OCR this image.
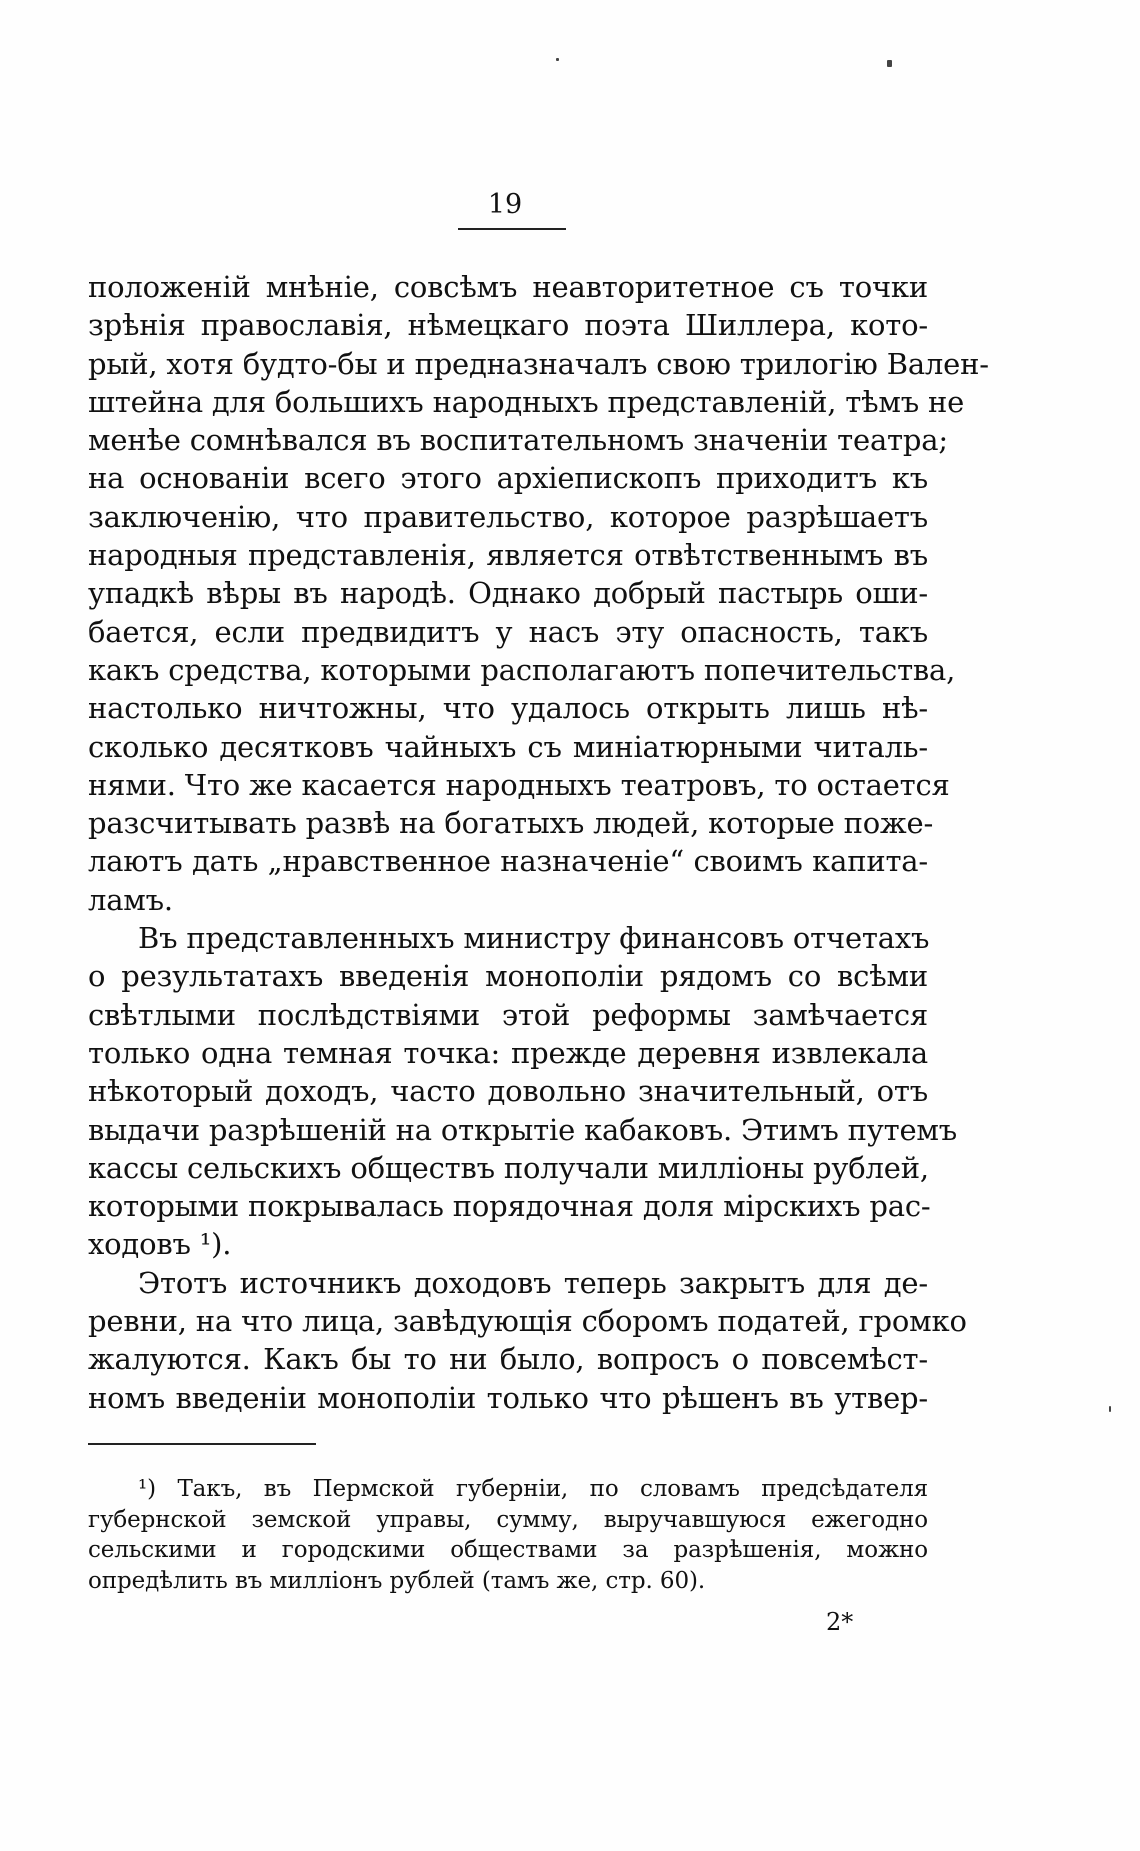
19
положеній мнѣніе, совсѣмъ неавторитетное съ точки
зрѣнія православія, нѣмецкаго поэта Шиллера, кото-
рый, хотя будто-бы и предназначалъ свою трилогію Вален-
штейна для большихъ народныхъ представленій, тѣмъ не
менѣе сомнѣвался въ воспитательномъ значеніи театра;
на основаніи всего этого архіепископъ приходитъ къ
заключенію, что правительство, которое разрѣшаетъ
народныя представленія, является отвѣтственнымъ въ
упадкѣ вѣры въ народѣ. Однако добрый пастырь оши-
бается, если предвидитъ у насъ эту опасность, такъ
какъ средства, которыми располагаютъ попечительства,
настолько ничтожны, что удалось открыть лишь нѣ-
сколько десятковъ чайныхъ съ миніатюрными читаль-
нями. Что же касается народныхъ театровъ, то остается
разсчитывать развѣ на богатыхъ людей, которые поже-
лаютъ дать „нравственное назначеніе“ своимъ капита-
ламъ.
Въ представленныхъ министру финансовъ отчетахъ
о результатахъ введенія монополіи рядомъ со всѣми
свѣтлыми послѣдствіями этой реформы замѣчается
только одна темная точка: прежде деревня извлекала
нѣкоторый доходъ, часто довольно значительный, отъ
выдачи разрѣшеній на открытіе кабаковъ. Этимъ путемъ
кассы сельскихъ обществъ получали милліоны рублей,
которыми покрывалась порядочная доля мірскихъ рас-
ходовъ ¹).
Этотъ источникъ доходовъ теперь закрытъ для де-
ревни, на что лица, завѣдующія сборомъ податей, громко
жалуются. Какъ бы то ни было, вопросъ о повсемѣст-
номъ введеніи монополіи только что рѣшенъ въ утвер-
¹) Такъ, въ Пермской губерніи, по словамъ предсѣдателя
губернской земской управы, сумму, выручавшуюся ежегодно
сельскими и городскими обществами за разрѣшенія, можно
опредѣлить въ милліонъ рублей (тамъ же, стр. 60).
2*
